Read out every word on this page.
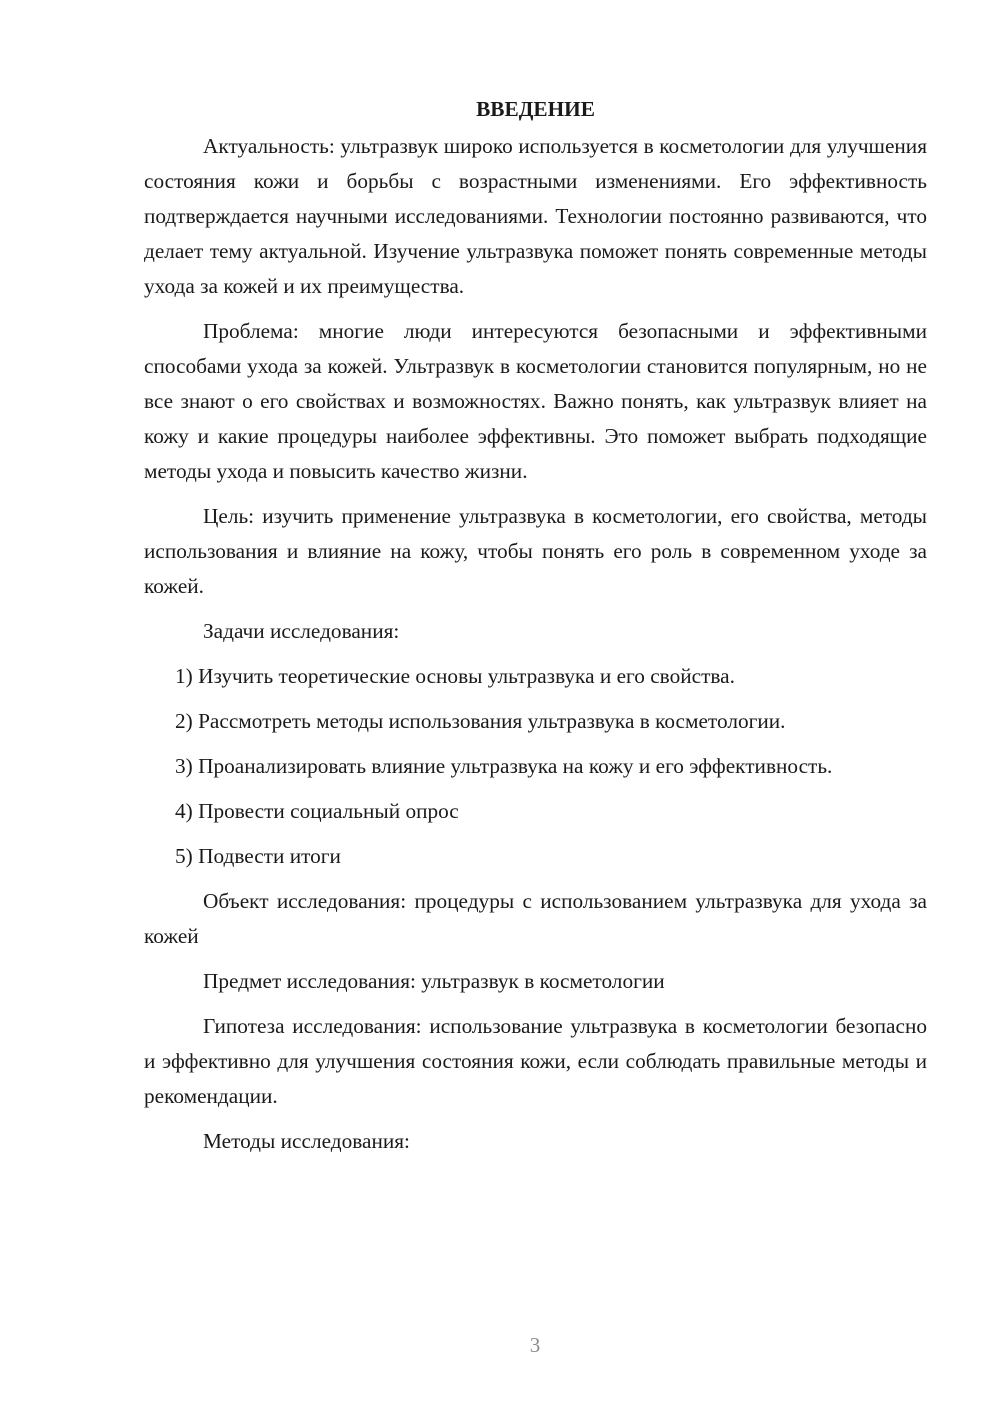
ВВЕДЕНИЕ

Актуальность: ультразвук широко используется в косметологии для улучшения состояния кожи и борьбы с возрастными изменениями. Его эффективность подтверждается научными исследованиями. Технологии постоянно развиваются, что делает тему актуальной. Изучение ультразвука поможет понять современные методы ухода за кожей и их преимущества.

Проблема: многие люди интересуются безопасными и эффективными способами ухода за кожей. Ультразвук в косметологии становится популярным, но не все знают о его свойствах и возможностях. Важно понять, как ультразвук влияет на кожу и какие процедуры наиболее эффективны. Это поможет выбрать подходящие методы ухода и повысить качество жизни.

Цель: изучить применение ультразвука в косметологии, его свойства, методы использования и влияние на кожу, чтобы понять его роль в современном уходе за кожей.

Задачи исследования:

1) Изучить теоретические основы ультразвука и его свойства.

2) Рассмотреть методы использования ультразвука в косметологии.

3) Проанализировать влияние ультразвука на кожу и его эффективность.

4) Провести социальный опрос

5) Подвести итоги

Объект исследования: процедуры с использованием ультразвука для ухода за кожей

Предмет исследования: ультразвук в косметологии

Гипотеза исследования: использование ультразвука в косметологии безопасно и эффективно для улучшения состояния кожи, если соблюдать правильные методы и рекомендации.

Методы исследования:

3
